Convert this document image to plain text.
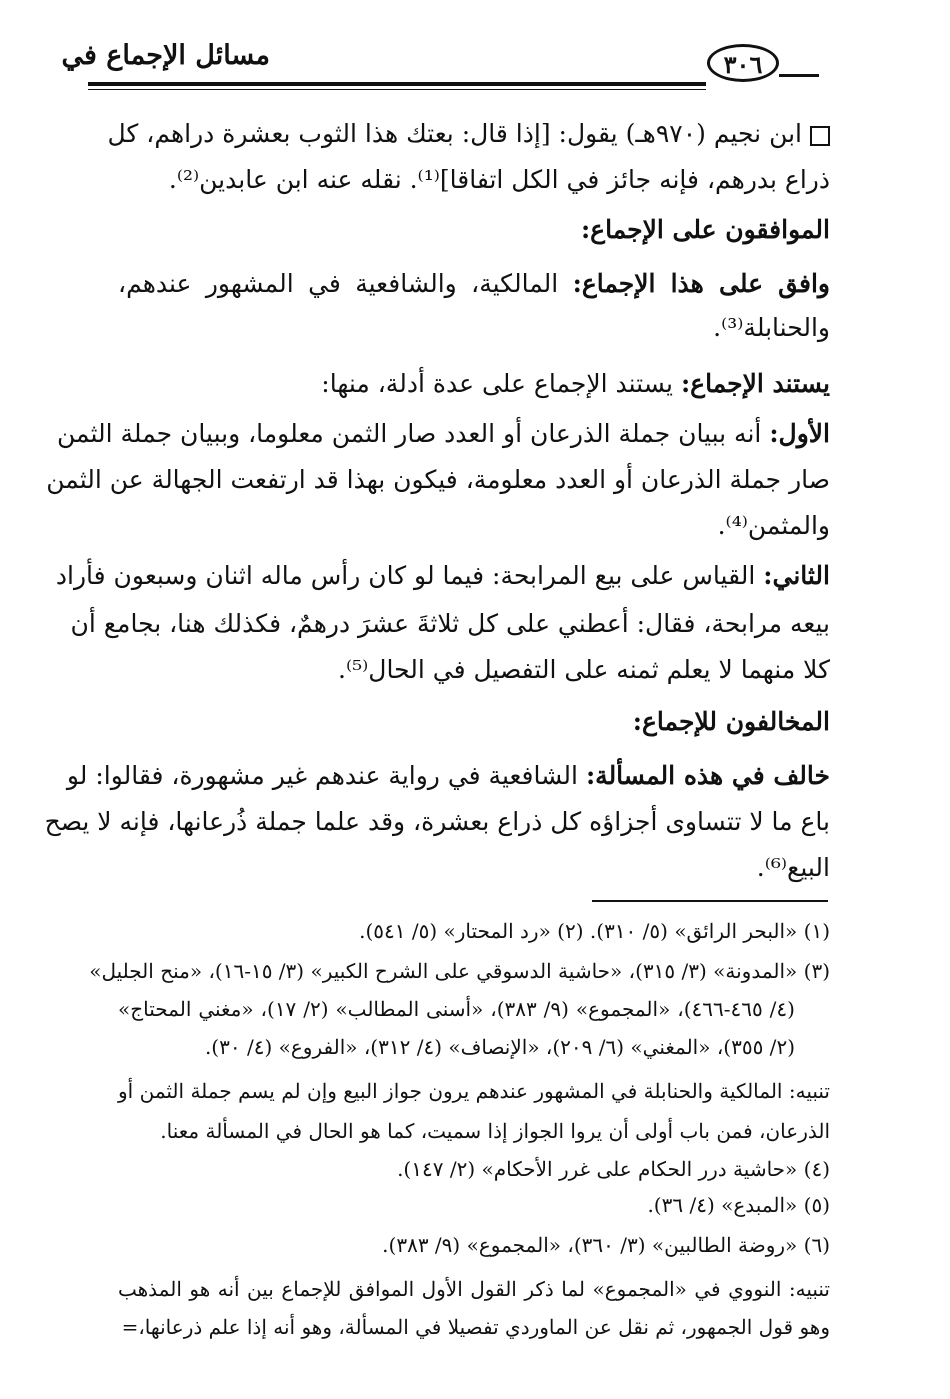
مسائل الإجماع في	٣٠٦
ابن نجيم (٩٧٠هـ) يقول: [إذا قال: بعتك هذا الثوب بعشرة دراهم، كل
ذراع بدرهم، فإنه جائز في الكل اتفاقا]⁽¹⁾. نقله عنه ابن عابدين⁽²⁾.
الموافقون على الإجماع:
وافق على هذا الإجماع: المالكية، والشافعية في المشهور عندهم،
والحنابلة⁽³⁾.
يستند الإجماع: يستند الإجماع على عدة أدلة، منها:
الأول: أنه ببيان جملة الذرعان أو العدد صار الثمن معلوما، وببيان جملة الثمن
صار جملة الذرعان أو العدد معلومة، فيكون بهذا قد ارتفعت الجهالة عن الثمن
والمثمن⁽⁴⁾.
الثاني: القياس على بيع المرابحة: فيما لو كان رأس ماله اثنان وسبعون فأراد
بيعه مرابحة، فقال: أعطني على كل ثلاثةَ عشرَ درهمٌ، فكذلك هنا، بجامع أن
كلا منهما لا يعلم ثمنه على التفصيل في الحال⁽⁵⁾.
المخالفون للإجماع:
خالف في هذه المسألة: الشافعية في رواية عندهم غير مشهورة، فقالوا: لو
باع ما لا تتساوى أجزاؤه كل ذراع بعشرة، وقد علما جملة ذُرعانها، فإنه لا يصح
البيع⁽⁶⁾.
(١) «البحر الرائق» (٥/ ٣١٠). (٢) «رد المحتار» (٥/ ٥٤١).
(٣) «المدونة» (٣/ ٣١٥)، «حاشية الدسوقي على الشرح الكبير» (٣/ ١٥-١٦)، «منح الجليل»
(٤/ ٤٦٥-٤٦٦)، «المجموع» (٩/ ٣٨٣)، «أسنى المطالب» (٢/ ١٧)، «مغني المحتاج»
(٢/ ٣٥٥)، «المغني» (٦/ ٢٠٩)، «الإنصاف» (٤/ ٣١٢)، «الفروع» (٤/ ٣٠).
تنبيه: المالكية والحنابلة في المشهور عندهم يرون جواز البيع وإن لم يسم جملة الثمن أو
الذرعان، فمن باب أولى أن يروا الجواز إذا سميت، كما هو الحال في المسألة معنا.
(٤) «حاشية درر الحكام على غرر الأحكام» (٢/ ١٤٧).
(٥) «المبدع» (٤/ ٣٦).
(٦) «روضة الطالبين» (٣/ ٣٦٠)، «المجموع» (٩/ ٣٨٣).
تنبيه: النووي في «المجموع» لما ذكر القول الأول الموافق للإجماع بين أنه هو المذهب
وهو قول الجمهور، ثم نقل عن الماوردي تفصيلا في المسألة، وهو أنه إذا علم ذرعانها،=
